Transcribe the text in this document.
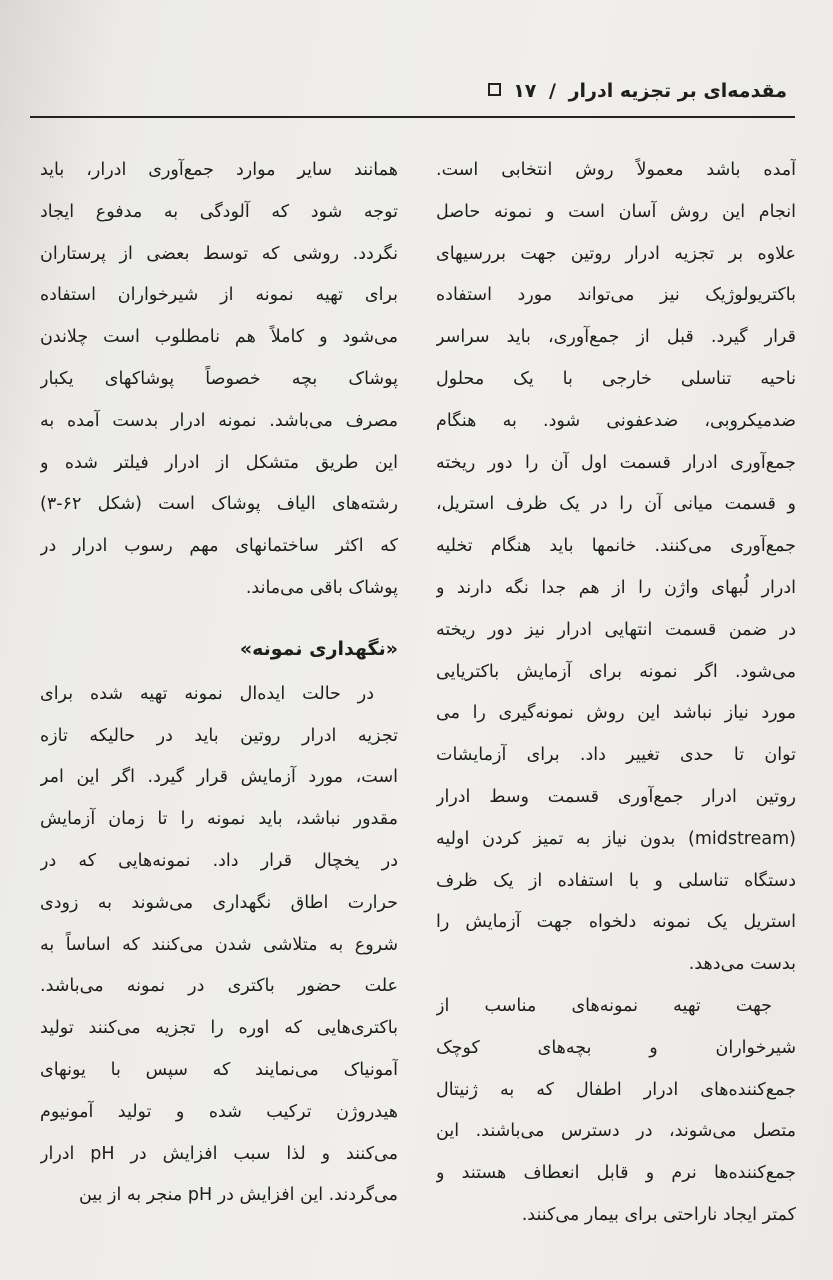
مقدمه‌ای بر تجزیه ادرار / ۱۷
آمده باشد معمولاً روش انتخابی است.
انجام این روش آسان است و نمونه حاصل
علاوه بر تجزیه ادرار روتین جهت بررسیهای
باکتریولوژیک نیز می‌تواند مورد استفاده
قرار گیرد. قبل از جمع‌آوری، باید سراسر
ناحیه تناسلی خارجی با یک محلول
ضدمیکروبی، ضدعفونی شود. به هنگام
جمع‌آوری ادرار قسمت اول آن را دور ریخته
و قسمت میانی آن را در یک ظرف استریل،
جمع‌آوری می‌کنند. خانمها باید هنگام تخلیه
ادرار لُبهای واژن را از هم جدا نگه دارند و
در ضمن قسمت انتهایی ادرار نیز دور ریخته
می‌شود. اگر نمونه برای آزمایش باکتریایی
مورد نیاز نباشد این روش نمونه‌گیری را می
توان تا حدی تغییر داد. برای آزمایشات
روتین ادرار جمع‌آوری قسمت وسط ادرار
(midstream) بدون نیاز به تمیز کردن اولیه
دستگاه تناسلی و با استفاده از یک ظرف
استریل یک نمونه دلخواه جهت آزمایش را
بدست می‌دهد.
جهت تهیه نمونه‌های مناسب از
شیرخواران و بچه‌های کوچک
جمع‌کننده‌های ادرار اطفال که به ژنیتال
متصل می‌شوند، در دسترس می‌باشند. این
جمع‌کننده‌ها نرم و قابل انعطاف هستند و
کمتر ایجاد ناراحتی برای بیمار می‌کنند.
همانند سایر موارد جمع‌آوری ادرار، باید
توجه شود که آلودگی به مدفوع ایجاد
نگردد. روشی که توسط بعضی از پرستاران
برای تهیه نمونه از شیرخواران استفاده
می‌شود و کاملاً هم نامطلوب است چلاندن
پوشاک بچه خصوصاً پوشاکهای یکبار
مصرف می‌باشد. نمونه ادرار بدست آمده به
این طریق متشکل از ادرار فیلتر شده و
رشته‌های الیاف پوشاک است (شکل ۶۲-۳)
که اکثر ساختمانهای مهم رسوب ادرار در
پوشاک باقی می‌ماند.
«نگهداری نمونه»
در حالت ایده‌ال نمونه تهیه شده برای
تجزیه ادرار روتین باید در حالیکه تازه
است، مورد آزمایش قرار گیرد. اگر این امر
مقدور نباشد، باید نمونه را تا زمان آزمایش
در یخچال قرار داد. نمونه‌هایی که در
حرارت اطاق نگهداری می‌شوند به زودی
شروع به متلاشی شدن می‌کنند که اساساً به
علت حضور باکتری در نمونه می‌باشد.
باکتری‌هایی که اوره را تجزیه می‌کنند تولید
آمونیاک می‌نمایند که سپس با یونهای
هیدروژن ترکیب شده و تولید آمونیوم
می‌کنند و لذا سبب افزایش در pH ادرار
می‌گردند. این افزایش در pH منجر به از بین
